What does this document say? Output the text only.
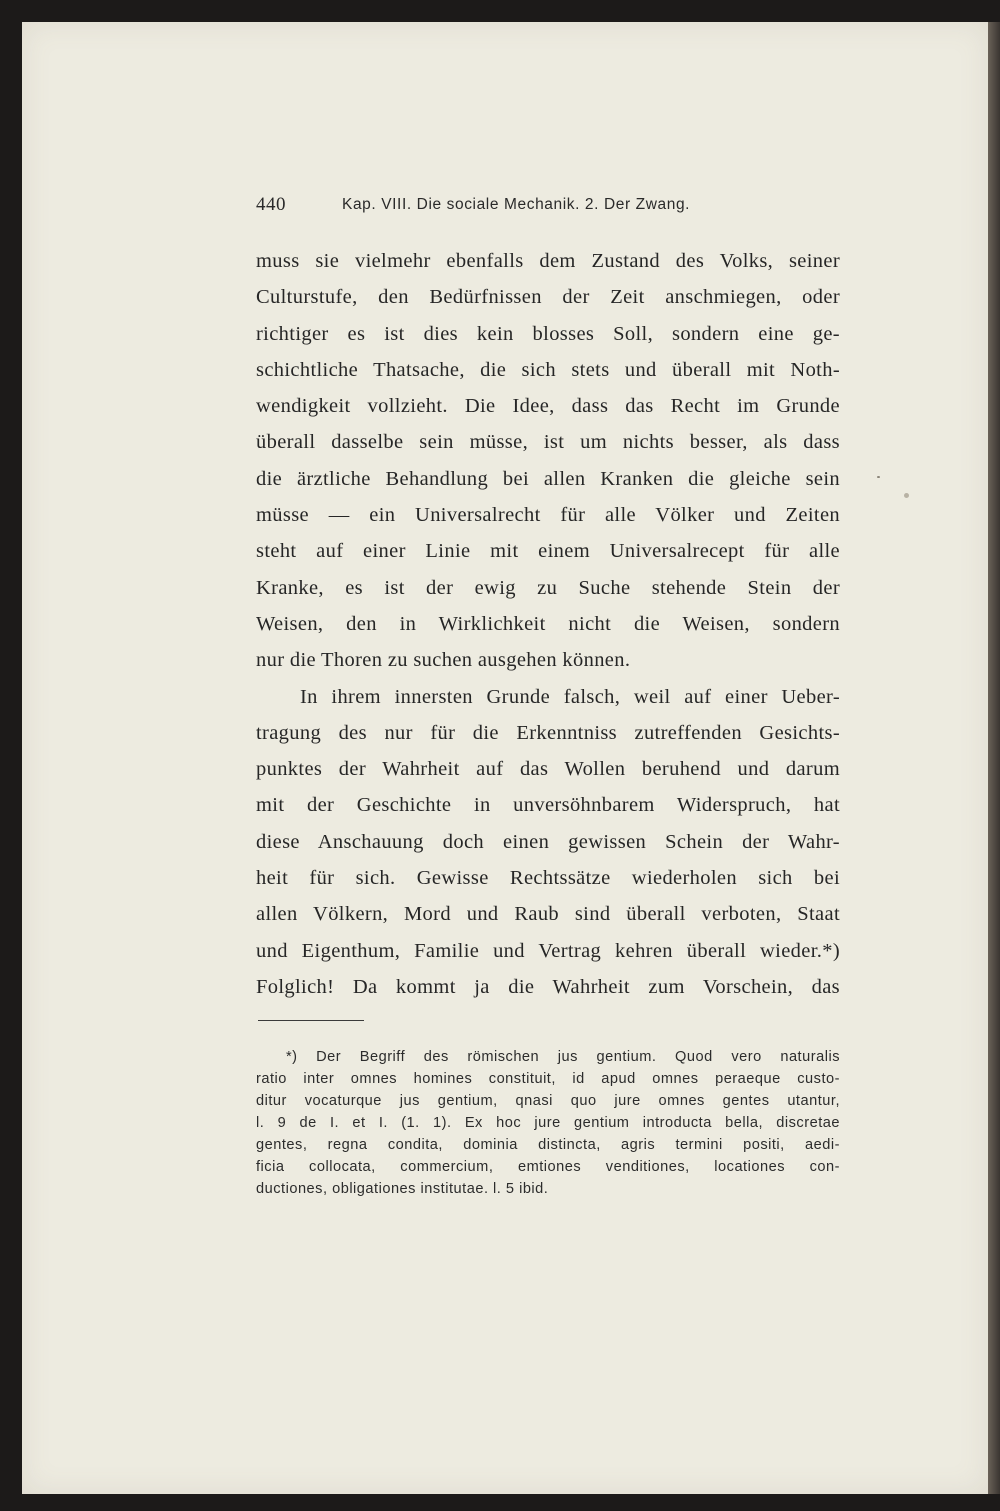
440	Kap. VIII. Die sociale Mechanik. 2. Der Zwang.
muss sie vielmehr ebenfalls dem Zustand des Volks, seiner
Culturstufe, den Bedürfnissen der Zeit anschmiegen, oder
richtiger es ist dies kein blosses Soll, sondern eine ge-
schichtliche Thatsache, die sich stets und überall mit Noth-
wendigkeit vollzieht. Die Idee, dass das Recht im Grunde
überall dasselbe sein müsse, ist um nichts besser, als dass
die ärztliche Behandlung bei allen Kranken die gleiche sein
müsse — ein Universalrecht für alle Völker und Zeiten
steht auf einer Linie mit einem Universalrecept für alle
Kranke, es ist der ewig zu Suche stehende Stein der
Weisen, den in Wirklichkeit nicht die Weisen, sondern
nur die Thoren zu suchen ausgehen können.
In ihrem innersten Grunde falsch, weil auf einer Ueber-
tragung des nur für die Erkenntniss zutreffenden Gesichts-
punktes der Wahrheit auf das Wollen beruhend und darum
mit der Geschichte in unversöhnbarem Widerspruch, hat
diese Anschauung doch einen gewissen Schein der Wahr-
heit für sich. Gewisse Rechtssätze wiederholen sich bei
allen Völkern, Mord und Raub sind überall verboten, Staat
und Eigenthum, Familie und Vertrag kehren überall wieder.*)
Folglich! Da kommt ja die Wahrheit zum Vorschein, das
*) Der Begriff des römischen jus gentium. Quod vero naturalis
ratio inter omnes homines constituit, id apud omnes peraeque custo-
ditur vocaturque jus gentium, qnasi quo jure omnes gentes utantur,
l. 9 de I. et I. (1. 1). Ex hoc jure gentium introducta bella, discretae
gentes, regna condita, dominia distincta, agris termini positi, aedi-
ficia collocata, commercium, emtiones venditiones, locationes con-
ductiones, obligationes institutae. l. 5 ibid.
